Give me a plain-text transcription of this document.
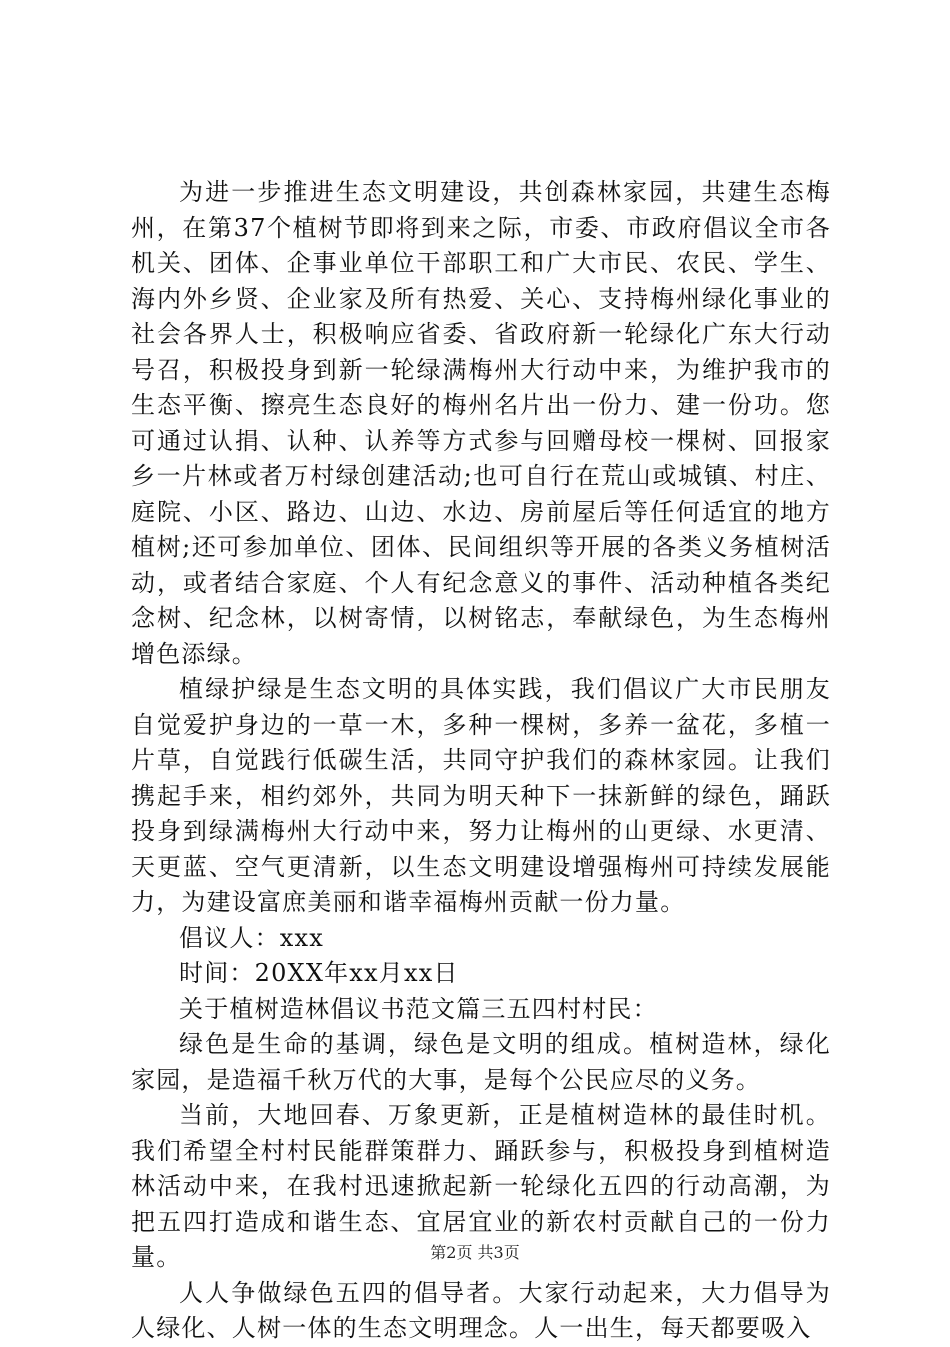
为进一步推进生态文明建设，共创森林家园，共建生态梅州，在第37个植树节即将到来之际，市委、市政府倡议全市各机关、团体、企事业单位干部职工和广大市民、农民、学生、海内外乡贤、企业家及所有热爱、关心、支持梅州绿化事业的社会各界人士，积极响应省委、省政府新一轮绿化广东大行动号召，积极投身到新一轮绿满梅州大行动中来，为维护我市的生态平衡、擦亮生态良好的梅州名片出一份力、建一份功。您可通过认捐、认种、认养等方式参与回赠母校一棵树、回报家乡一片林或者万村绿创建活动;也可自行在荒山或城镇、村庄、庭院、小区、路边、山边、水边、房前屋后等任何适宜的地方植树;还可参加单位、团体、民间组织等开展的各类义务植树活动，或者结合家庭、个人有纪念意义的事件、活动种植各类纪念树、纪念林，以树寄情，以树铭志，奉献绿色，为生态梅州增色添绿。

植绿护绿是生态文明的具体实践，我们倡议广大市民朋友自觉爱护身边的一草一木，多种一棵树，多养一盆花，多植一片草，自觉践行低碳生活，共同守护我们的森林家园。让我们携起手来，相约郊外，共同为明天种下一抹新鲜的绿色，踊跃投身到绿满梅州大行动中来，努力让梅州的山更绿、水更清、天更蓝、空气更清新，以生态文明建设增强梅州可持续发展能力，为建设富庶美丽和谐幸福梅州贡献一份力量。

倡议人：xxx

时间：20XX年xx月xx日

关于植树造林倡议书范文篇三五四村村民：

绿色是生命的基调，绿色是文明的组成。植树造林，绿化家园，是造福千秋万代的大事，是每个公民应尽的义务。

当前，大地回春、万象更新，正是植树造林的最佳时机。我们希望全村村民能群策群力、踊跃参与，积极投身到植树造林活动中来，在我村迅速掀起新一轮绿化五四的行动高潮，为把五四打造成和谐生态、宜居宜业的新农村贡献自己的一份力量。

人人争做绿色五四的倡导者。大家行动起来，大力倡导为人绿化、人树一体的生态文明理念。人一出生，每天都要吸入

第2页 共3页
